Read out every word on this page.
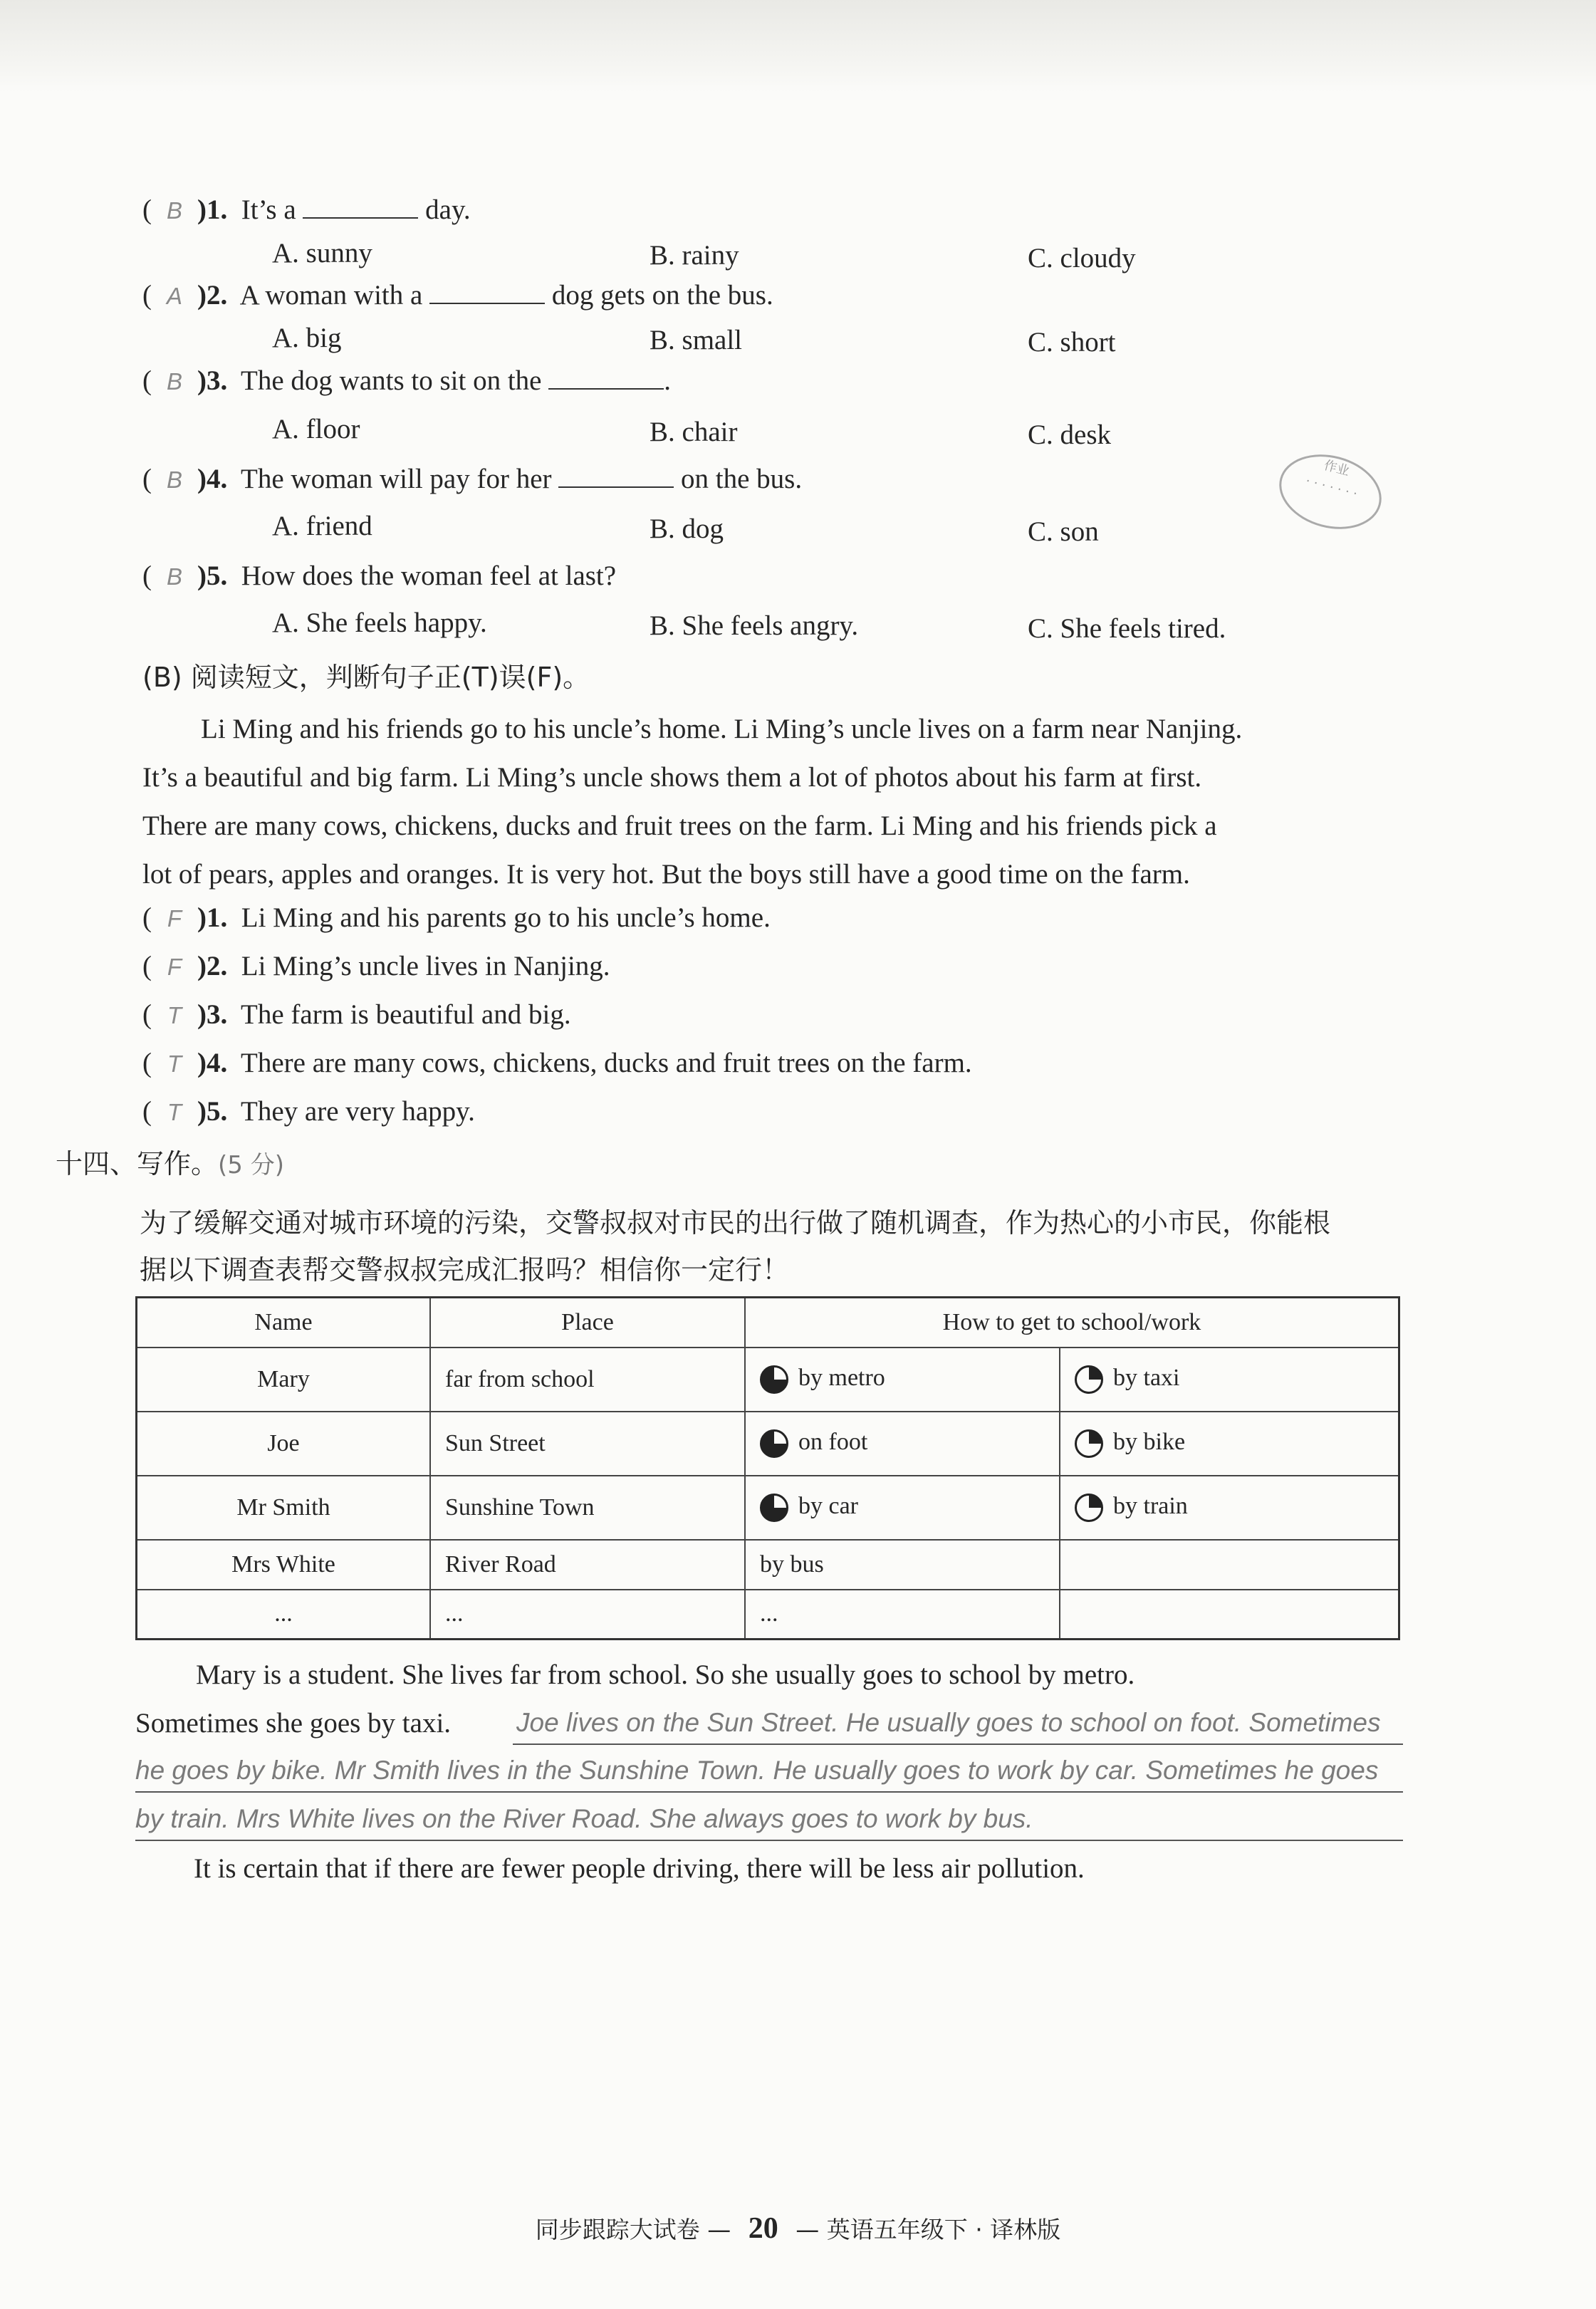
( B )1. It’s a	day.
A. sunny	B. rainy	C. cloudy
( A )2. A woman with a	dog gets on the bus.
A. big	B. small	C. short
( B )3. The dog wants to sit on the	.
A. floor	B. chair	C. desk
( B )4. The woman will pay for her	on the bus.
A. friend	B. dog	C. son
( B )5. How does the woman feel at last?
A. She feels happy.	B. She feels angry.	C. She feels tired.
作业
· · · · · · ·
(B) 阅读短文，判断句子正(T)误(F)。
Li Ming and his friends go to his uncle’s home. Li Ming’s uncle lives on a farm near Nanjing.
It’s a beautiful and big farm. Li Ming’s uncle shows them a lot of photos about his farm at first.
There are many cows, chickens, ducks and fruit trees on the farm. Li Ming and his friends pick a
lot of pears, apples and oranges. It is very hot. But the boys still have a good time on the farm.
( F )1. Li Ming and his parents go to his uncle’s home.
( F )2. Li Ming’s uncle lives in Nanjing.
( T )3. The farm is beautiful and big.
( T )4. There are many cows, chickens, ducks and fruit trees on the farm.
( T )5. They are very happy.
十四、写作。(5 分)
为了缓解交通对城市环境的污染，交警叔叔对市民的出行做了随机调查，作为热心的小市民，你能根
据以下调查表帮交警叔叔完成汇报吗？相信你一定行！
Name	Place	How to get to school/work	
Mary	far from school	by metro	by taxi
Joe	Sun Street	on foot	by bike
Mr Smith	Sunshine Town	by car	by train
Mrs White	River Road	by bus	
...	...	...	
Mary is a student. She lives far from school. So she usually goes to school by metro.
Sometimes she goes by taxi. Joe lives on the Sun Street. He usually goes to school on foot. Sometimes
he goes by bike. Mr Smith lives in the Sunshine Town. He usually goes to work by car. Sometimes he goes
by train. Mrs White lives on the River Road. She always goes to work by bus.
It is certain that if there are fewer people driving, there will be less air pollution.
同步跟踪大试卷 — 20 — 英语五年级下 · 译林版
